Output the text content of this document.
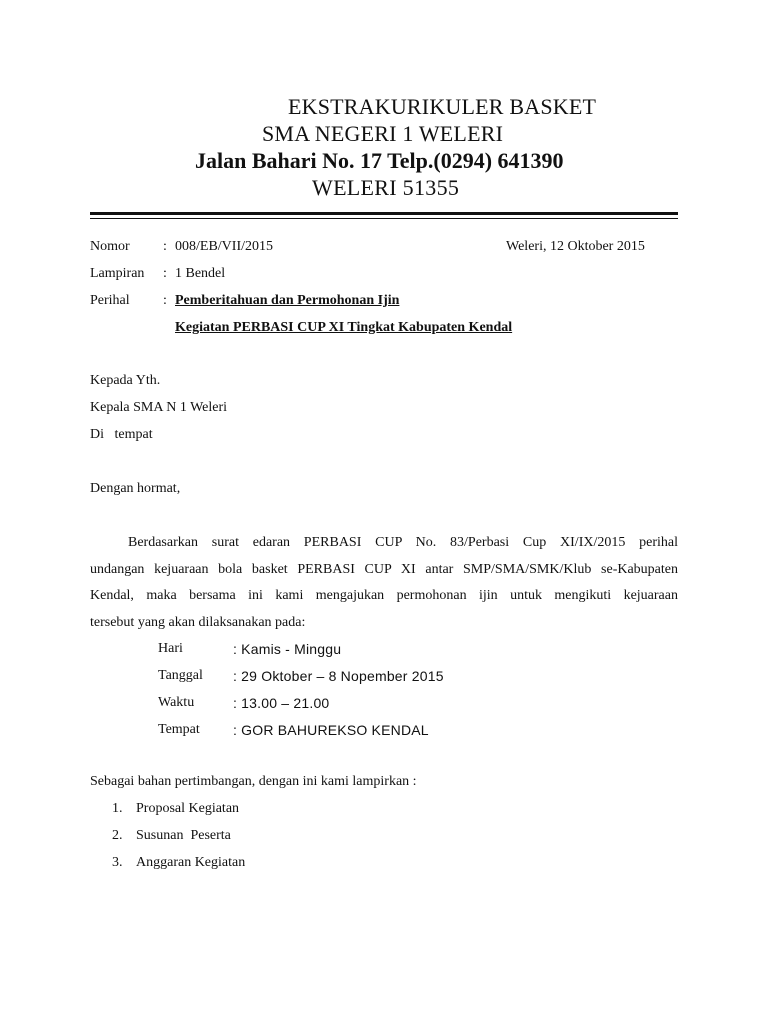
EKSTRAKURIKULER BASKET
SMA NEGERI 1 WELERI
Jalan Bahari No. 17 Telp.(0294) 641390
WELERI 51355
Nomor : 008/EB/VII/2015	Weleri, 12 Oktober 2015
Lampiran : 1 Bendel
Perihal : Pemberitahuan dan Permohonan Ijin
Kegiatan PERBASI CUP XI Tingkat Kabupaten Kendal
Kepada Yth.
Kepala SMA N 1 Weleri
Di   tempat
Dengan hormat,
Berdasarkan surat edaran PERBASI CUP No. 83/Perbasi Cup XI/IX/2015 perihal
undangan kejuaraan bola basket PERBASI CUP XI antar SMP/SMA/SMK/Klub se-Kabupaten
Kendal, maka bersama ini kami mengajukan permohonan ijin untuk mengikuti kejuaraan
tersebut yang akan dilaksanakan pada:
Hari	: Kamis - Minggu
Tanggal : 29 Oktober – 8 Nopember 2015
Waktu	: 13.00 – 21.00
Tempat : GOR BAHUREKSO KENDAL
Sebagai bahan pertimbangan, dengan ini kami lampirkan :
1. Proposal Kegiatan
2. Susunan  Peserta
3. Anggaran Kegiatan
